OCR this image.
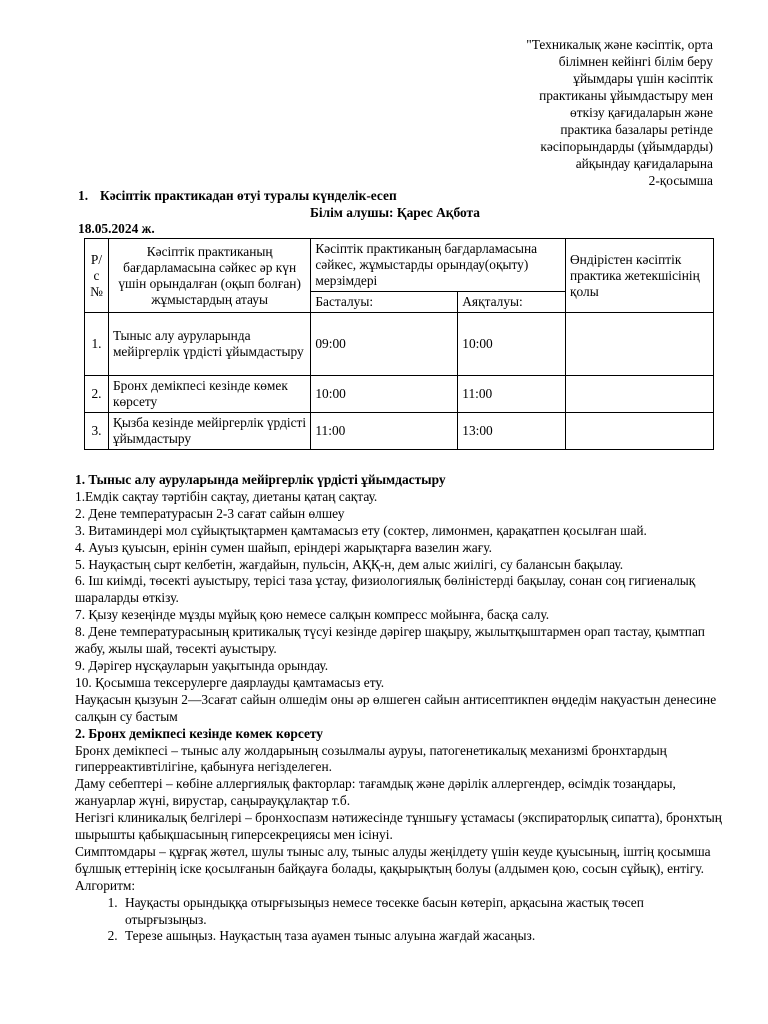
"Техникалық және кәсіптік, орта
білімнен кейінгі білім беру
ұйымдары үшін кәсіптік
практиканы ұйымдастыру мен
өткізу қағидаларын және
практика базалары ретінде
кәсіпорындарды (ұйымдарды)
айқындау қағидаларына
2-қосымша
1. Кәсіптік практикадан өтуі туралы күнделік-есеп
Білім алушы: Қарес Ақбота
18.05.2024 ж.
Р/с №	Кәсіптік практиканың бағдарламасына сәйкес әр күн үшін орындалған (оқып болған) жұмыстардың атауы	Кәсіптік практиканың бағдарламасына сәйкес, жұмыстарды орындау(оқыту) мерзімдері		Өндірістен кәсіптік практика жетекшісінің қолы
		Басталуы:	Аяқталуы:	
1.	Тыныс алу ауруларында мейіргерлік үрдісті ұйымдастыру	09:00	10:00	
2.	Бронх демікпесі кезінде көмек көрсету	10:00	11:00	
3.	Қызба кезінде мейіргерлік үрдісті ұйымдастыру	11:00	13:00	

1. Тыныс алу ауруларында мейіргерлік үрдісті ұйымдастыру

1.Емдік сақтау тәртібін сақтау, диетаны қатаң сақтау.

2. Дене температурасын 2-3 сағат сайын өлшеу

3. Витаминдері мол сұйықтықтармен қамтамасыз ету (соктер, лимонмен, қарақатпен қосылған шай.

4. Ауыз қуысын, ерінін сумен шайып, еріндері жарықтарға вазелин жағу.

5. Науқастың сырт келбетін, жағдайын, пульсін, АҚҚ-н, дем алыс жиілігі, су балансын бақылау.

6. Іш киімді, төсекті ауыстыру, терісі таза ұстау, физиологиялық бөліністерді бақылау, сонан соң гигиеналық шараларды өткізу.

7. Қызу кезеңінде мұзды мұйық қою немесе салқын компресс мойынға, басқа салу.

8. Дене температурасының критикалық түсуі кезінде дәрігер шақыру, жылытқыштармен орап тастау, қымтпап жабу, жылы шай, төсекті ауыстыру.

9. Дәрігер нұсқауларын уақытында орындау.

10. Қосымша тексерулерге даярлауды қамтамасыз ету.

Науқасын қызуын 2—3сағат сайын олшедім оны әр өлшеген сайын антисептикпен өңдедім нақуастын денесине салқын су бастым

2. Бронх демікпесі кезінде көмек көрсету

Бронх демікпесі – тыныс алу жолдарының созылмалы ауруы, патогенетикалық механизмі бронхтардың гиперреактивтілігіне, қабынуға негізделеген.

Даму себептері – көбіне аллергиялық факторлар: тағамдық және дәрілік аллергендер, өсімдік тозаңдары, жануарлар жүні, вирустар, саңырауқұлақтар т.б.

Негізгі клиникалық белгілері – бронхоспазм нәтижесінде тұншығу ұстамасы (экспираторлық сипатта), бронхтың шырышты қабықшасының гиперсекрециясы мен ісінуі.

Симптомдары – құрғақ жөтел, шулы тыныс алу, тыныс алуды жеңілдету үшін кеуде қуысының, іштің қосымша бұлшық еттерінің іске қосылғанын байқауға болады, қақырықтың болуы (алдымен қою, сосын сұйық), ентігу.

Алгоритм:

1. Науқасты орындыққа отырғызыңыз немесе төсекке басын көтеріп, арқасына жастық төсеп отырғызыңыз.
2. Терезе ашыңыз. Науқастың таза ауамен тыныс алуына жағдай жасаңыз.
